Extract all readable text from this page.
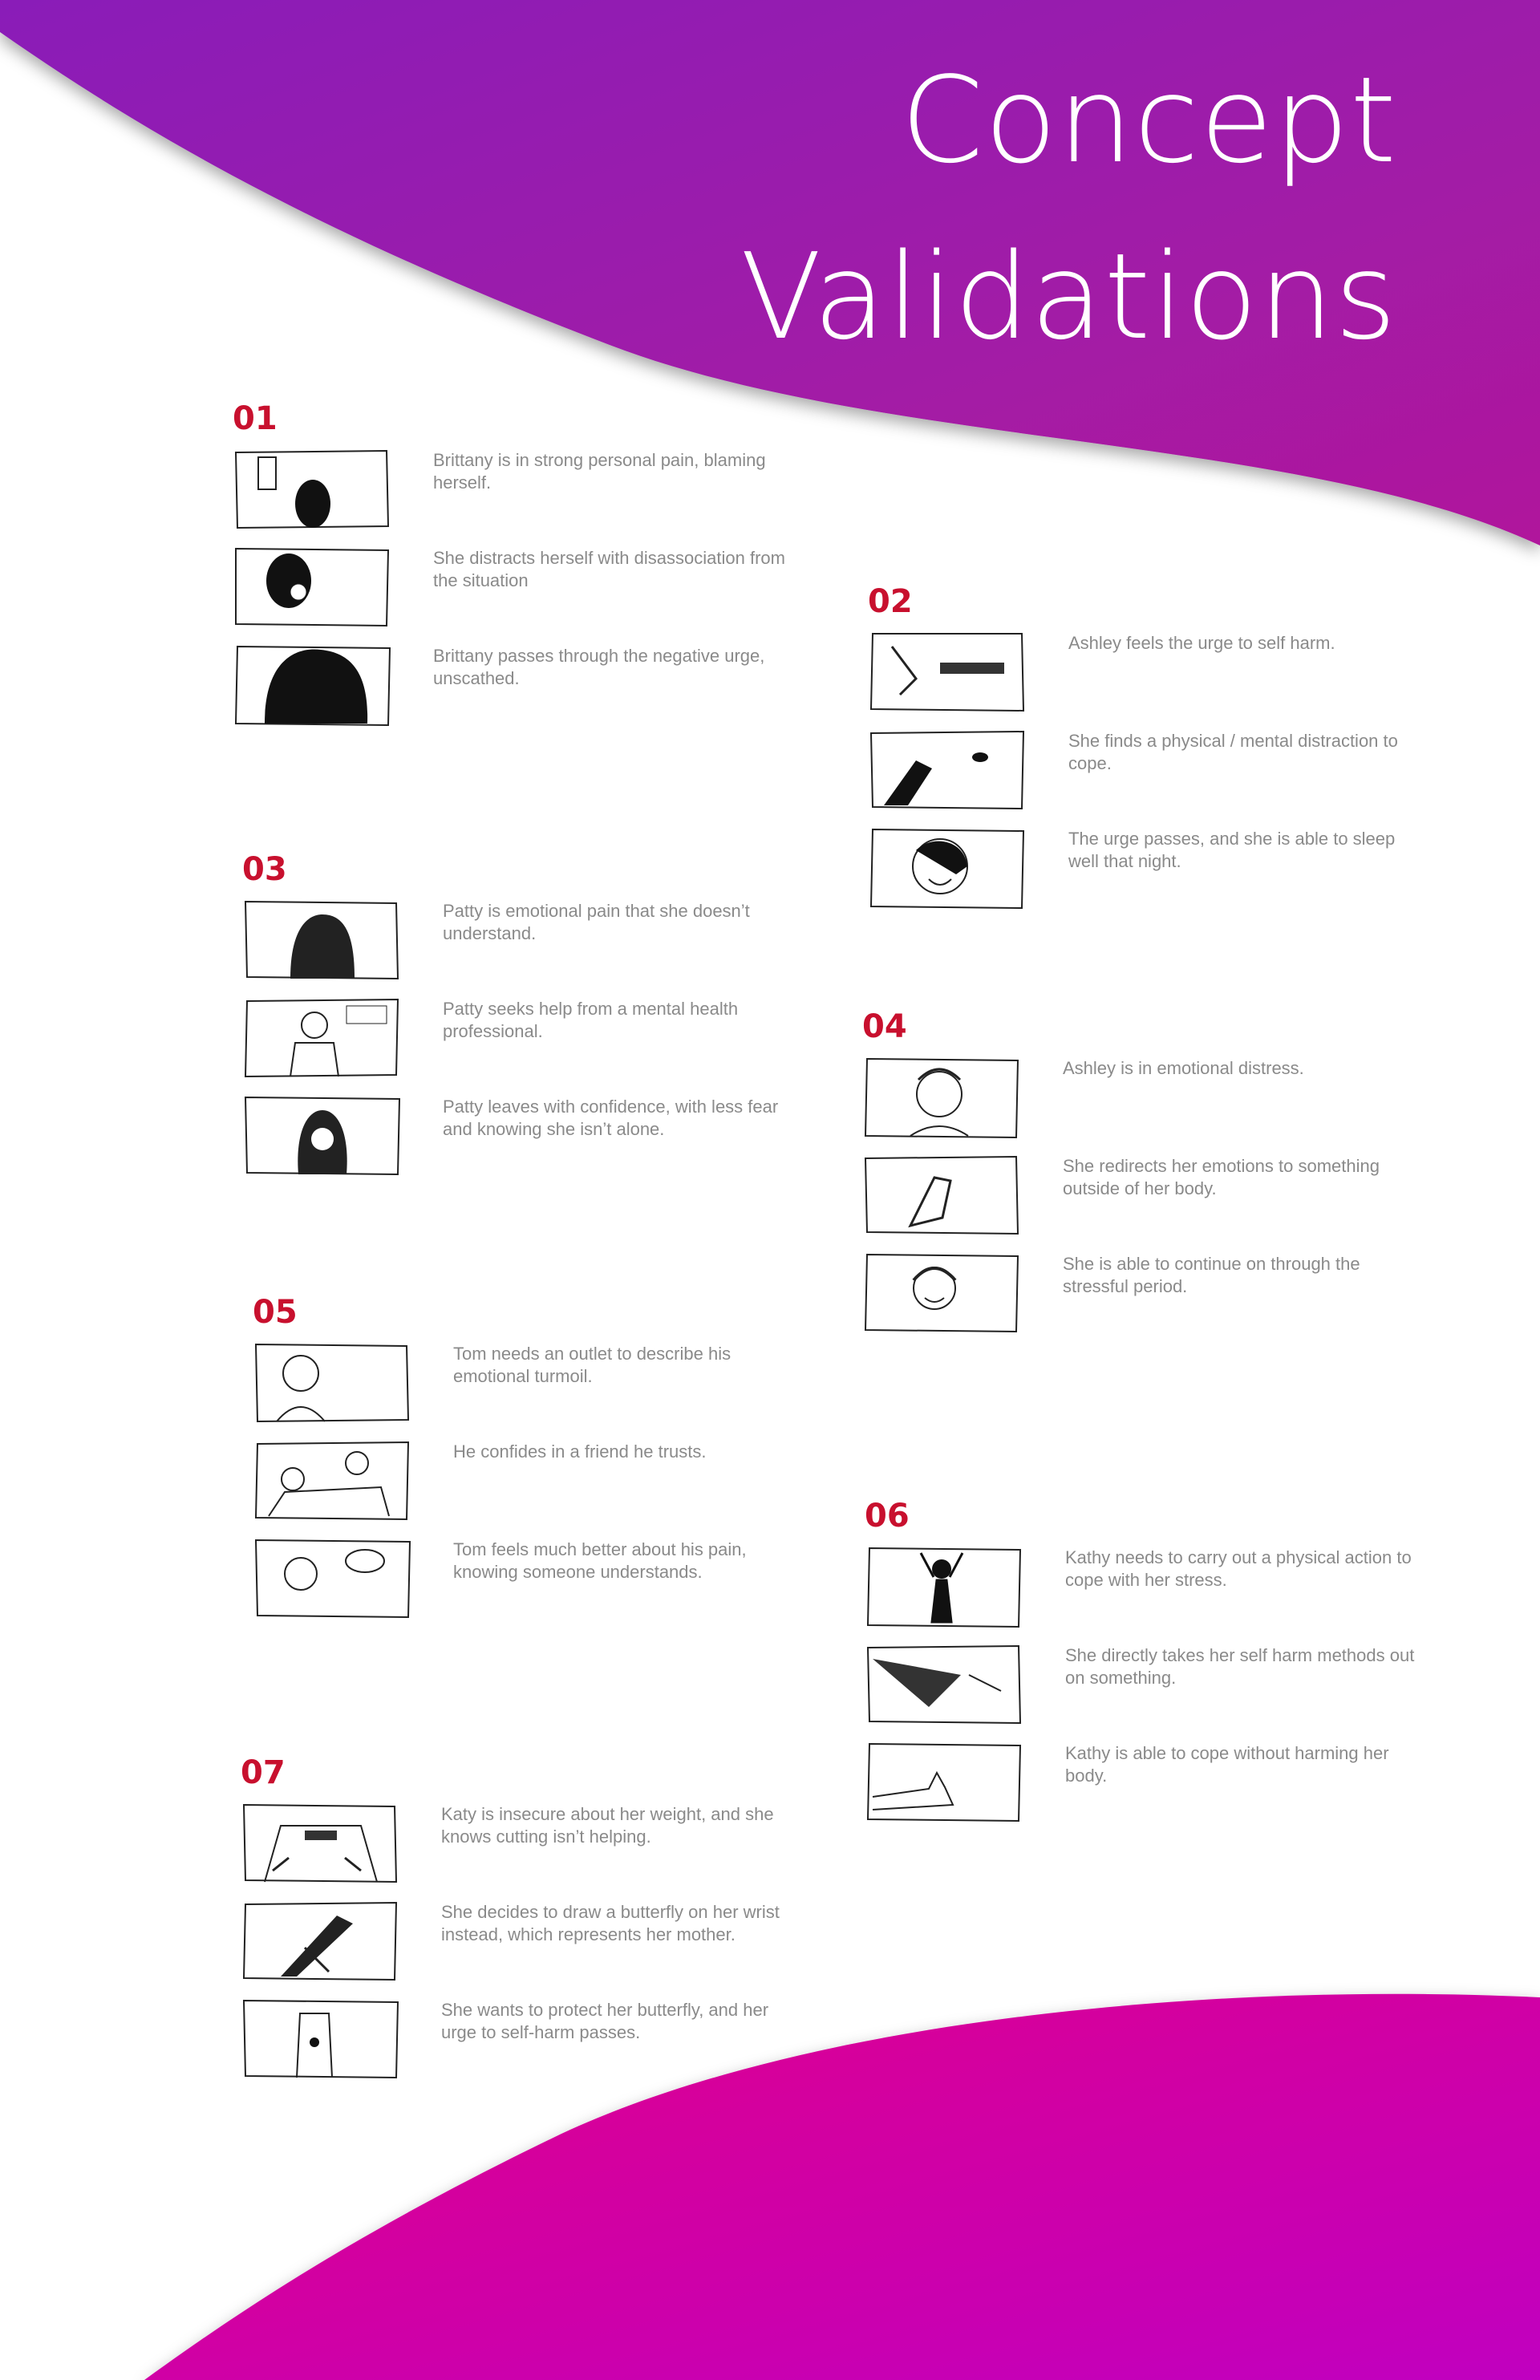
Concept
Validations
01
Brittany is in strong personal pain, blaming herself.
She distracts herself with disassociation from the situation
Brittany passes through the negative urge, unscathed.
02
Ashley feels the urge to self harm.
She finds a physical / mental distraction to cope.
The urge passes, and she is able to sleep well that night.
03
Patty is emotional pain that she doesn’t understand.
Patty seeks help from a mental health professional.
Patty leaves with confidence, with less fear and knowing she isn’t alone.
04
Ashley is in emotional distress.
She redirects her emotions to something outside of her body.
She is able to continue on through the stressful period.
05
Tom needs an outlet to describe his emotional turmoil.
He confides in a friend he trusts.
Tom feels much better about his pain, knowing someone understands.
06
Kathy needs to carry out a physical action to cope with her stress.
She directly takes her self harm methods out on something.
Kathy is able to cope without harming her body.
07
Katy is insecure about her weight, and she knows cutting isn’t helping.
She decides to draw a butterfly on her wrist instead, which represents her mother.
She wants to protect her butterfly, and her urge to self-harm passes.
